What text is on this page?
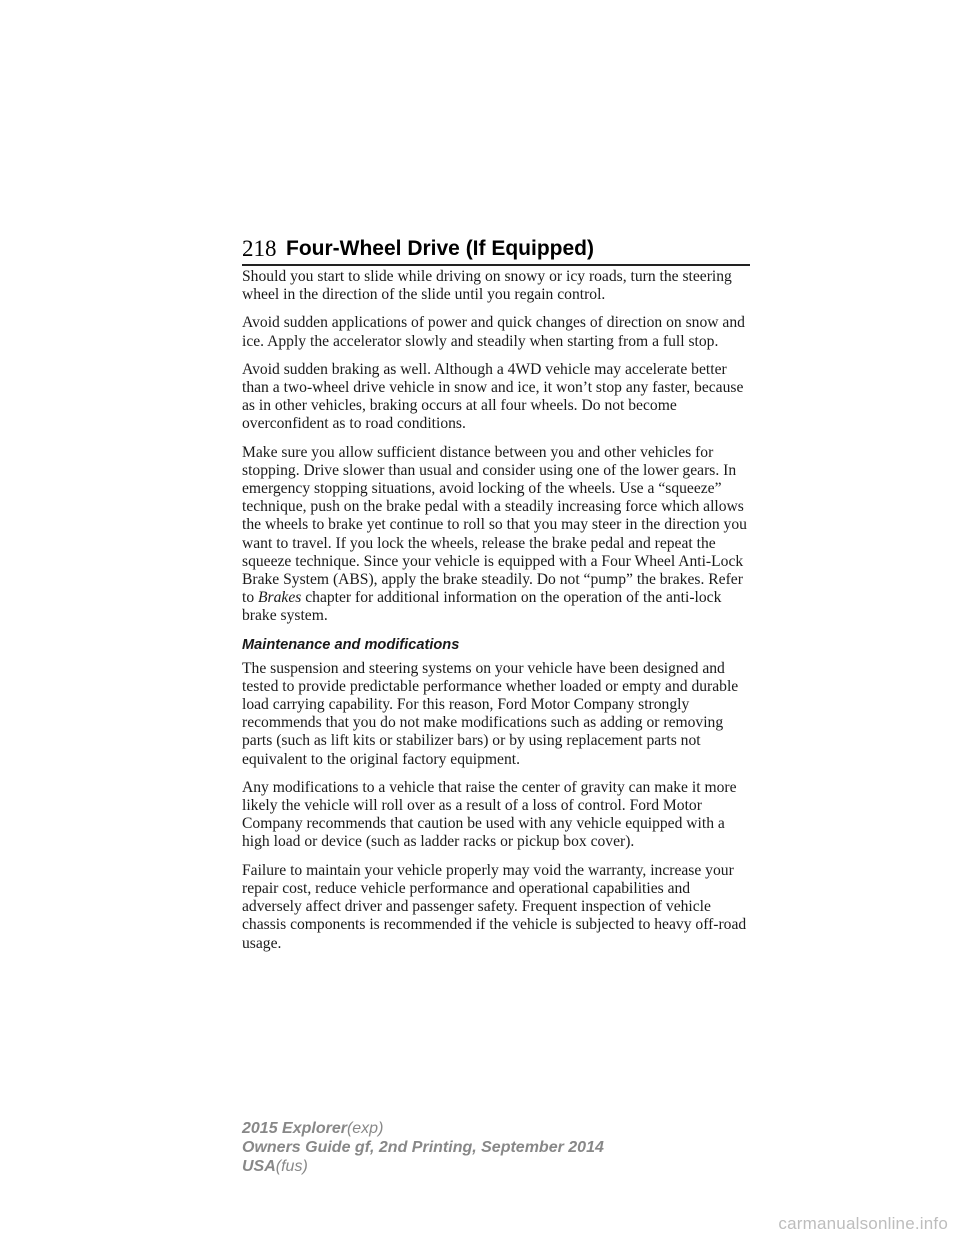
218 Four-Wheel Drive (If Equipped)

Should you start to slide while driving on snowy or icy roads, turn the steering wheel in the direction of the slide until you regain control.

Avoid sudden applications of power and quick changes of direction on snow and ice. Apply the accelerator slowly and steadily when starting from a full stop.

Avoid sudden braking as well. Although a 4WD vehicle may accelerate better than a two-wheel drive vehicle in snow and ice, it won’t stop any faster, because as in other vehicles, braking occurs at all four wheels. Do not become overconfident as to road conditions.

Make sure you allow sufficient distance between you and other vehicles for stopping. Drive slower than usual and consider using one of the lower gears. In emergency stopping situations, avoid locking of the wheels. Use a “squeeze” technique, push on the brake pedal with a steadily increasing force which allows the wheels to brake yet continue to roll so that you may steer in the direction you want to travel. If you lock the wheels, release the brake pedal and repeat the squeeze technique. Since your vehicle is equipped with a Four Wheel Anti-Lock Brake System (ABS), apply the brake steadily. Do not “pump” the brakes. Refer to Brakes chapter for additional information on the operation of the anti-lock brake system.

Maintenance and modifications

The suspension and steering systems on your vehicle have been designed and tested to provide predictable performance whether loaded or empty and durable load carrying capability. For this reason, Ford Motor Company strongly recommends that you do not make modifications such as adding or removing parts (such as lift kits or stabilizer bars) or by using replacement parts not equivalent to the original factory equipment.

Any modifications to a vehicle that raise the center of gravity can make it more likely the vehicle will roll over as a result of a loss of control. Ford Motor Company recommends that caution be used with any vehicle equipped with a high load or device (such as ladder racks or pickup box cover).

Failure to maintain your vehicle properly may void the warranty, increase your repair cost, reduce vehicle performance and operational capabilities and adversely affect driver and passenger safety. Frequent inspection of vehicle chassis components is recommended if the vehicle is subjected to heavy off-road usage.

2015 Explorer(exp)
Owners Guide gf, 2nd Printing, September 2014
USA(fus)
carmanualsonline.info
